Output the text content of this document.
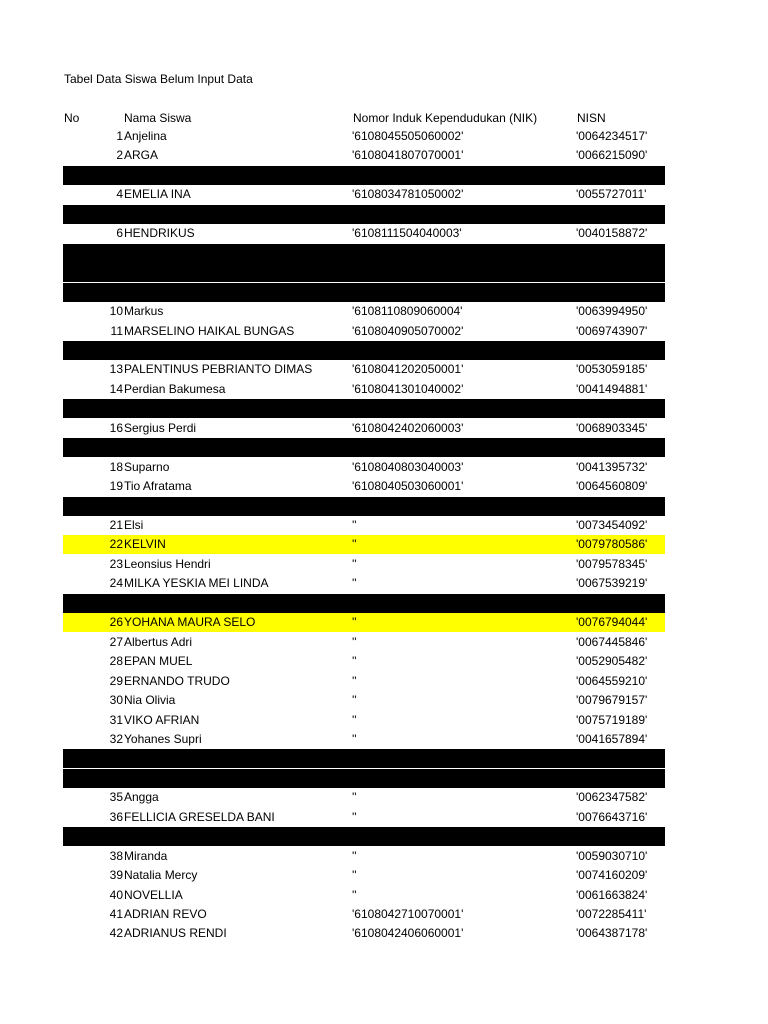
Tabel Data Siswa Belum Input Data
No	Nama Siswa	Nomor Induk Kependudukan (NIK)	NISN
1 Anjelina	'6108045505060002'	'0064234517'
2 ARGA	'6108041807070001'	'0066215090'
4 EMELIA INA	'6108034781050002'	'0055727011'
6 HENDRIKUS	'6108111504040003'	'0040158872'
10 Markus	'6108110809060004'	'0063994950'
11 MARSELINO HAIKAL BUNGAS	'6108040905070002'	'0069743907'
13 PALENTINUS PEBRIANTO DIMAS	'6108041202050001'	'0053059185'
14 Perdian Bakumesa	'6108041301040002'	'0041494881'
16 Sergius Perdi	'6108042402060003'	'0068903345'
18 Suparno	'6108040803040003'	'0041395732'
19 Tio Afratama	'6108040503060001'	'0064560809'
21 Elsi	''	'0073454092'
22 KELVIN	''	'0079780586'
23 Leonsius Hendri	''	'0079578345'
24 MILKA YESKIA MEI LINDA	''	'0067539219'
26 YOHANA MAURA SELO	''	'0076794044'
27 Albertus Adri	''	'0067445846'
28 EPAN MUEL	''	'0052905482'
29 ERNANDO TRUDO	''	'0064559210'
30 Nia Olivia	''	'0079679157'
31 VIKO AFRIAN	''	'0075719189'
32 Yohanes Supri	''	'0041657894'
35 Angga	''	'0062347582'
36 FELLICIA GRESELDA BANI	''	'0076643716'
38 Miranda	''	'0059030710'
39 Natalia Mercy	''	'0074160209'
40 NOVELLIA	''	'0061663824'
41 ADRIAN REVO	'6108042710070001'	'0072285411'
42 ADRIANUS RENDI	'6108042406060001'	'0064387178'
